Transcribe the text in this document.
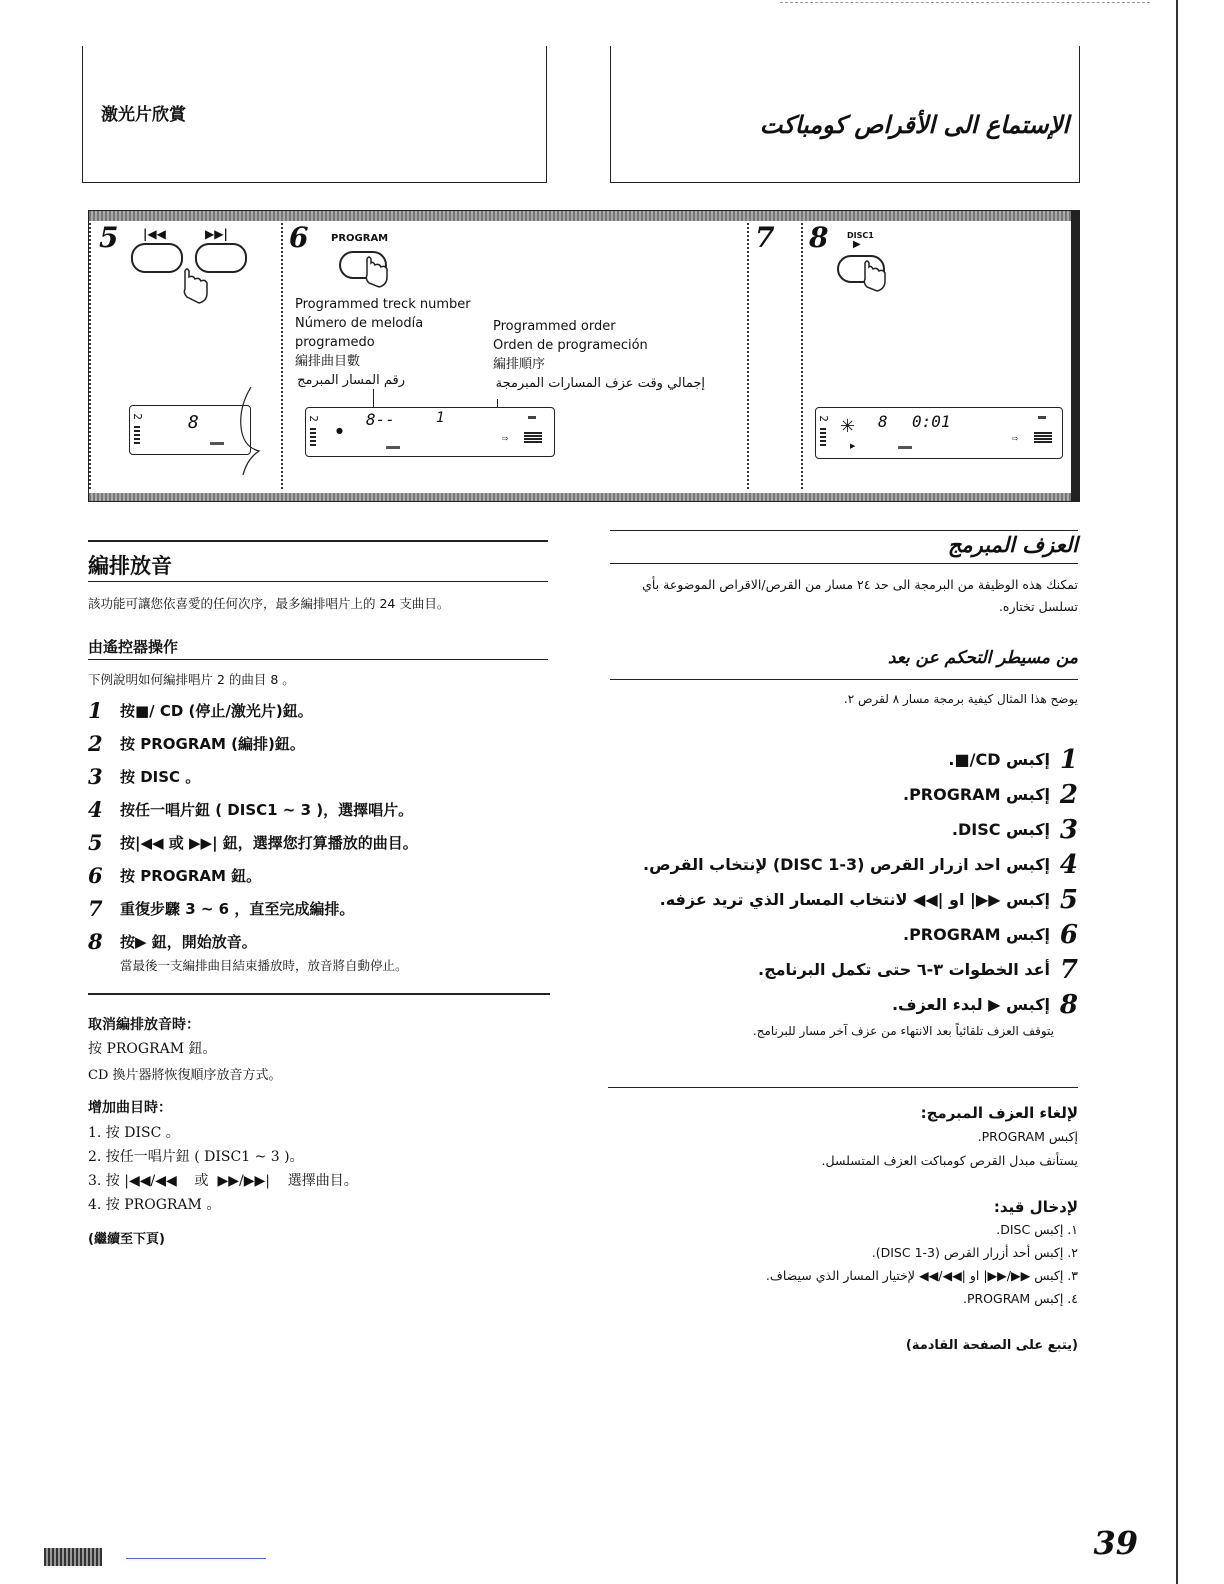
激光片欣賞	الإستماع الى الأقراص كومباكت
5 |◀◀	▶▶|
2 8
6 PROGRAM
Programmed treck number
Número de melodía
programedo
編排曲目數
رقم المسار المبرمج
Programmed order
Orden de programeción
編排順序
إجمالي وقت عزف المسارات المبرمجة
2
●
8--	1
⇨
7 8 DISC1
▶
2 ✳
▶
8 0:01
⇨
編排放音
該功能可讓您依喜愛的任何次序，最多編排唱片上的 24 支曲目。
由遙控器操作
下例說明如何編排唱片 2 的曲目 8 。
1	按■/ CD (停止/激光片)鈕。
2	按 PROGRAM (編排)鈕。
3	按 DISC 。
4	按任一唱片鈕 ( DISC1 ~ 3 )，選擇唱片。
5	按|◀◀ 或 ▶▶| 鈕，選擇您打算播放的曲目。
6	按 PROGRAM 鈕。
7	重復步驟 3 ~ 6 ，直至完成編排。
8	按▶ 鈕，開始放音。
當最後一支編排曲目結束播放時，放音將自動停止。
取消編排放音時：
按 PROGRAM 鈕。
CD 換片器將恢復順序放音方式。
增加曲目時：
1. 按 DISC 。
2. 按任一唱片鈕 ( DISC1 ~ 3 )。
3. 按 |◀◀/◀◀    或  ▶▶/▶▶|    選擇曲目。
4. 按 PROGRAM 。
(繼續至下頁)
العزف المبرمج
تمكنك هذه الوظيفة من البرمجة الى حد ٢٤ مسار من القرص/الاقراص الموضوعة بأي تسلسل تختاره.
من مسيطر التحكم عن بعد
يوضح هذا المثال كيفية برمجة مسار ٨ لقرص ٢.
1
إكبس CD/■.
2
إكبس PROGRAM.
3
إكبس DISC.
4
إكبس احد ازرار القرص (DISC 1-3) لإنتخاب القرص.
5
إكبس ▶▶| او |◀◀ لانتخاب المسار الذي تريد عزفه.
6
إكبس PROGRAM.
7
أعد الخطوات ٣-٦ حتى تكمل البرنامج.
8
إكبس ▶ لبدء العزف.
يتوقف العزف تلقائياً بعد الانتهاء من عزف آخر مسار للبرنامج.
لإلغاء العزف المبرمج:
إكبس PROGRAM.
يستأنف مبدل القرص كومباكت العزف المتسلسل.
لإدخال قيد:
١. إكبس DISC.
٢. إكبس أحد أزرار القرص (DISC 1-3).
٣. إكبس ▶▶/▶▶| او |◀◀/◀◀ لإختيار المسار الذي سيضاف.
٤. إكبس PROGRAM.
(يتبع على الصفحة القادمة)
39
